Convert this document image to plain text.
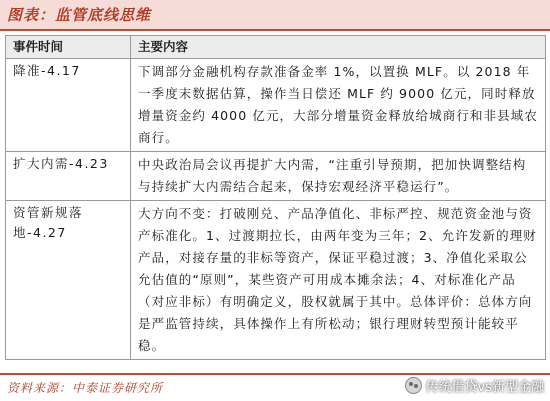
图表：监管底线思维
事件时间	主要内容
降准-4.17	下调部分金融机构存款准备金率 1%，以置换 MLF。以 2018 年一季度末数据估算，操作当日偿还 MLF 约 9000 亿元，同时释放增量资金约 4000 亿元，大部分增量资金释放给城商行和非县域农商行。
扩大内需-4.23	中央政治局会议再提扩大内需，“注重引导预期，把加快调整结构与持续扩大内需结合起来，保持宏观经济平稳运行”。
资管新规落地-4.27	大方向不变：打破刚兑、产品净值化、非标严控、规范资金池与资产标准化。1、过渡期拉长，由两年变为三年；2、允许发新的理财产品，对接存量的非标等资产，保证平稳过渡；3、净值化采取公允估值的“原则”，某些资产可用成本摊余法；4、对标准化产品（对应非标）有明确定义，股权就属于其中。总体评价：总体方向是严监管持续，具体操作上有所松动；银行理财转型预计能较平稳。
资料来源：中泰证券研究所	传统借贷vs新型金融
